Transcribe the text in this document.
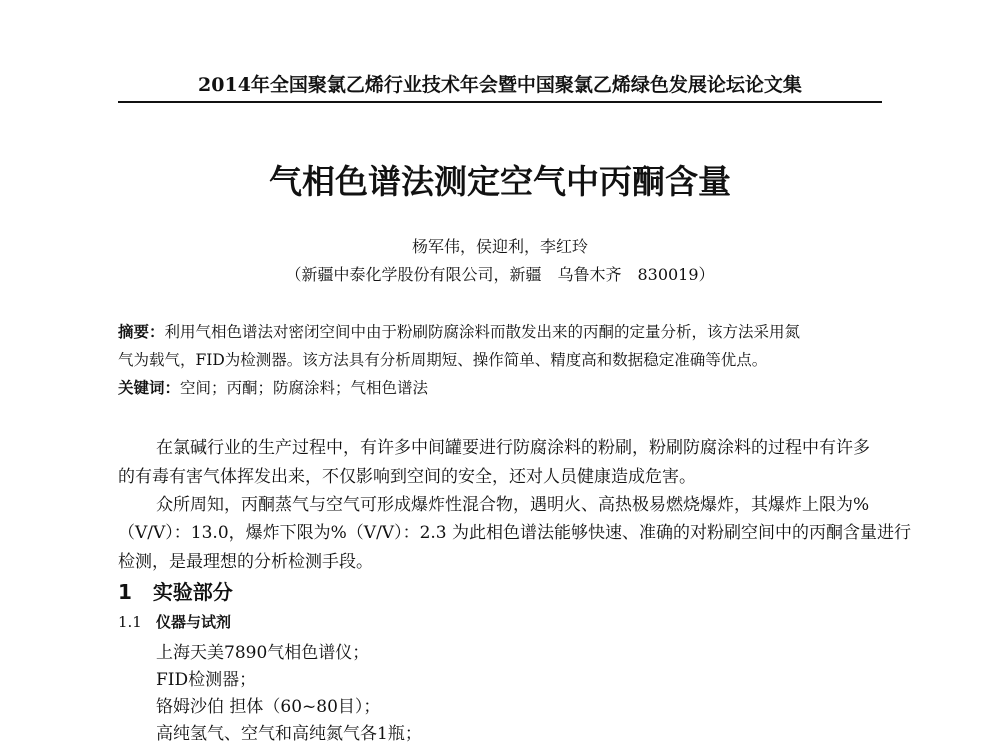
2014年全国聚氯乙烯行业技术年会暨中国聚氯乙烯绿色发展论坛论文集
气相色谱法测定空气中丙酮含量
杨军伟，侯迎利，李红玲
（新疆中泰化学股份有限公司，新疆　乌鲁木齐　830019）
摘要：利用气相色谱法对密闭空间中由于粉刷防腐涂料而散发出来的丙酮的定量分析，该方法采用氮
气为载气，FID为检测器。该方法具有分析周期短、操作简单、精度高和数据稳定准确等优点。
关键词：空间；丙酮；防腐涂料；气相色谱法
在氯碱行业的生产过程中，有许多中间罐要进行防腐涂料的粉刷，粉刷防腐涂料的过程中有许多
的有毒有害气体挥发出来，不仅影响到空间的安全，还对人员健康造成危害。
众所周知，丙酮蒸气与空气可形成爆炸性混合物，遇明火、高热极易燃烧爆炸，其爆炸上限为%
（V/V）：13.0，爆炸下限为%（V/V）：2.3 为此相色谱法能够快速、准确的对粉刷空间中的丙酮含量进行
检测，是最理想的分析检测手段。
1 实验部分
1.1 仪器与试剂
上海天美7890气相色谱仪；
FID检测器；
铬姆沙伯 担体（60~80目）；
高纯氢气、空气和高纯氮气各1瓶；
